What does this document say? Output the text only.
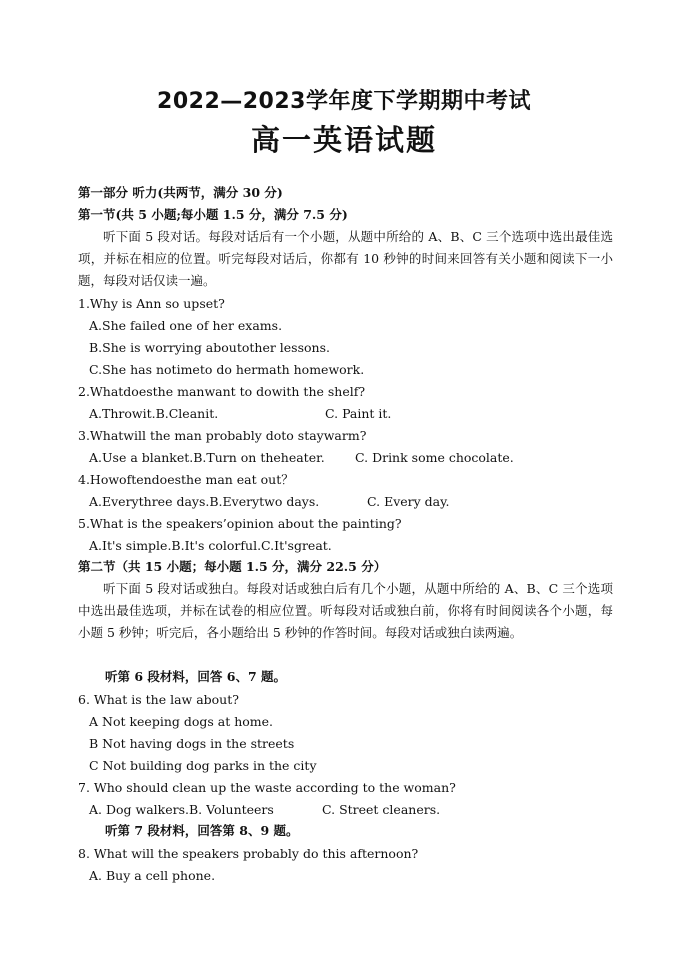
2022—2023学年度下学期期中考试
高一英语试题
第一部分 听力(共两节，满分 30 分)
第一节(共 5 小题;每小题 1.5 分，满分 7.5 分)
听下面 5 段对话。每段对话后有一个小题，从题中所给的 A、B、C 三个选项中选出最佳选项，并标在相应的位置。听完每段对话后，你都有 10 秒钟的时间来回答有关小题和阅读下一小题，每段对话仅读一遍。
1.Why is Ann so upset?
A.She failed one of her exams.
B.She is worrying aboutother lessons.
C.She has notimeto do hermath homework.
2.Whatdoesthe manwant to dowith the shelf?
A.Throwit.B.Cleanit.	C. Paint it.
3.Whatwill the man probably doto staywarm?
A.Use a blanket.B.Turn on theheater. C. Drink some chocolate.
4.Howoftendoesthe man eat out？
A.Everythree days.B.Everytwo days.	C. Every day.
5.What is the speakers’opinion about the painting?
A.It's simple.B.It's colorful.C.It'sgreat.
第二节（共 15 小题；每小题 1.5 分，满分 22.5 分）
听下面 5 段对话或独白。每段对话或独白后有几个小题，从题中所给的 A、B、C 三个选项中选出最佳选项，并标在试卷的相应位置。听每段对话或独白前，你将有时间阅读各个小题，每小题 5 秒钟；听完后，各小题给出 5 秒钟的作答时间。每段对话或独白读两遍。
听第 6 段材料，回答 6、7 题。
6. What is the law about?
A Not keeping dogs at home.
B Not having dogs in the streets
C Not building dog parks in the city
7. Who should clean up the waste according to the woman?
A. Dog walkers.B. Volunteers	C. Street cleaners.
听第 7 段材料，回答第 8、9 题。
8. What will the speakers probably do this afternoon?
A. Buy a cell phone.
